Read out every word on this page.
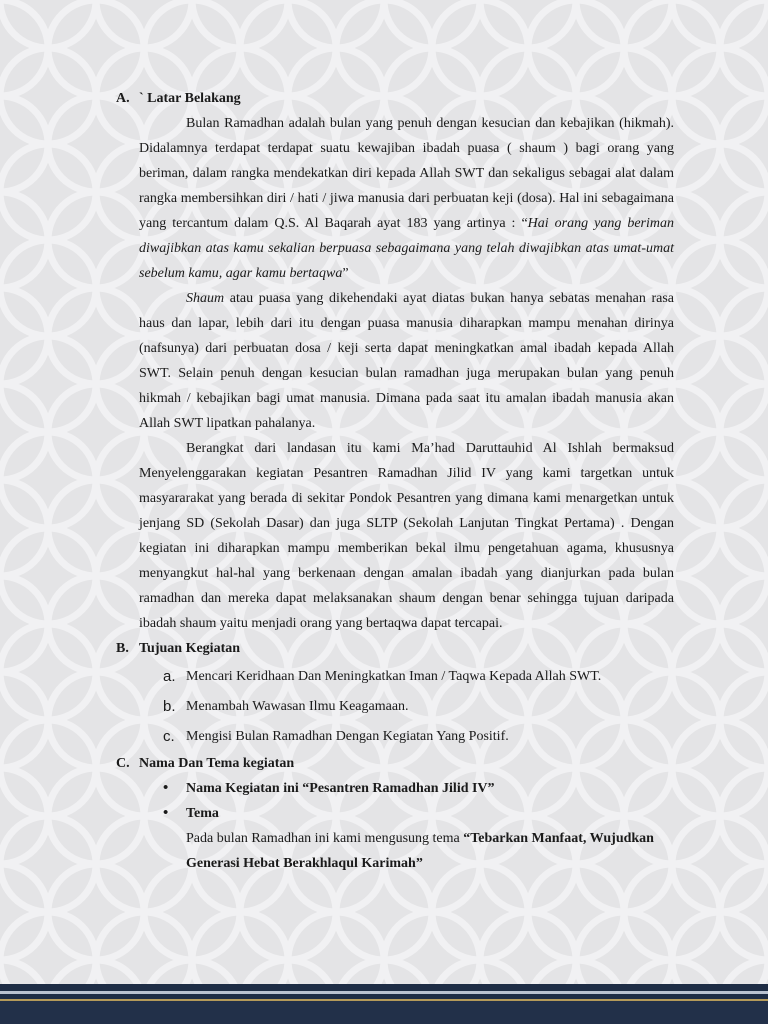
A. ` Latar Belakang
Bulan Ramadhan adalah bulan yang penuh dengan kesucian dan kebajikan (hikmah). Didalamnya terdapat terdapat suatu kewajiban ibadah puasa ( shaum ) bagi orang yang beriman, dalam rangka mendekatkan diri kepada Allah SWT dan sekaligus sebagai alat dalam rangka membersihkan diri / hati / jiwa manusia dari perbuatan keji (dosa). Hal ini sebagaimana yang tercantum dalam Q.S. Al Baqarah ayat 183 yang artinya : “Hai orang yang beriman diwajibkan atas kamu sekalian berpuasa sebagaimana yang telah diwajibkan atas umat-umat sebelum kamu, agar kamu bertaqwa”
Shaum atau puasa yang dikehendaki ayat diatas bukan hanya sebatas menahan rasa haus dan lapar, lebih dari itu dengan puasa manusia diharapkan mampu menahan dirinya (nafsunya) dari perbuatan dosa / keji serta dapat meningkatkan amal ibadah kepada Allah SWT. Selain penuh dengan kesucian bulan ramadhan juga merupakan bulan yang penuh hikmah / kebajikan bagi umat manusia. Dimana pada saat itu amalan ibadah manusia akan Allah SWT lipatkan pahalanya.
Berangkat dari landasan itu kami Ma’had Daruttauhid Al Ishlah bermaksud Menyelenggarakan kegiatan Pesantren Ramadhan Jilid IV yang kami targetkan untuk masyararakat yang berada di sekitar Pondok Pesantren yang dimana kami menargetkan untuk jenjang SD (Sekolah Dasar) dan juga SLTP (Sekolah Lanjutan Tingkat Pertama) . Dengan kegiatan ini diharapkan mampu memberikan bekal ilmu pengetahuan agama, khususnya menyangkut hal-hal yang berkenaan dengan amalan ibadah yang dianjurkan pada bulan ramadhan dan mereka dapat melaksanakan shaum dengan benar sehingga tujuan daripada ibadah shaum yaitu menjadi orang yang bertaqwa dapat tercapai.
B. Tujuan Kegiatan
a. Mencari Keridhaan Dan Meningkatkan Iman / Taqwa Kepada Allah SWT.
b. Menambah Wawasan Ilmu Keagamaan.
c. Mengisi Bulan Ramadhan Dengan Kegiatan Yang Positif.
C. Nama Dan Tema kegiatan
•	Nama Kegiatan ini “Pesantren Ramadhan Jilid IV”
•	Tema
Pada bulan Ramadhan ini kami mengusung tema “Tebarkan Manfaat, Wujudkan Generasi Hebat Berakhlaqul Karimah”
